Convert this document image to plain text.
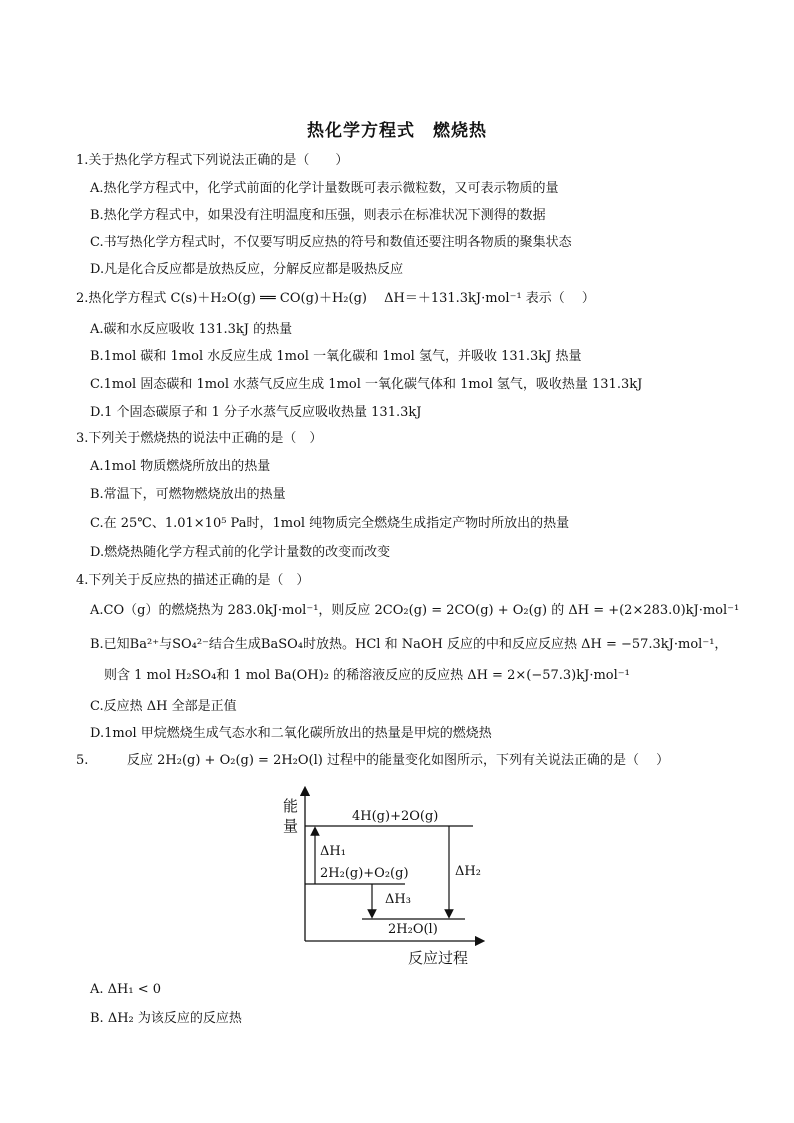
热化学方程式　燃烧热
1.关于热化学方程式下列说法正确的是（　　）
A.热化学方程式中，化学式前面的化学计量数既可表示微粒数，又可表示物质的量
B.热化学方程式中，如果没有注明温度和压强，则表示在标准状况下测得的数据
C.书写热化学方程式时，不仅要写明反应热的符号和数值还要注明各物质的聚集状态
D.凡是化合反应都是放热反应，分解反应都是吸热反应
2.热化学方程式 C(s)＋H₂O(g) ══ CO(g)＋H₂(g)　 ΔH＝＋131.3kJ·mol⁻¹ 表示（　 ）
A.碳和水反应吸收 131.3kJ 的热量
B.1mol 碳和 1mol 水反应生成 1mol 一氧化碳和 1mol 氢气，并吸收 131.3kJ 热量
C.1mol 固态碳和 1mol 水蒸气反应生成 1mol 一氧化碳气体和 1mol 氢气，吸收热量 131.3kJ
D.1 个固态碳原子和 1 分子水蒸气反应吸收热量 131.3kJ
3.下列关于燃烧热的说法中正确的是（　）
A.1mol 物质燃烧所放出的热量
B.常温下，可燃物燃烧放出的热量
C.在 25℃、1.01×10⁵ Pa时，1mol 纯物质完全燃烧生成指定产物时所放出的热量
D.燃烧热随化学方程式前的化学计量数的改变而改变
4.下列关于反应热的描述正确的是（　）
A.CO（g）的燃烧热为 283.0kJ·mol⁻¹，则反应 2CO₂(g) = 2CO(g) + O₂(g) 的 ΔH = +(2×283.0)kJ·mol⁻¹
B.已知Ba²⁺与SO₄²⁻结合生成BaSO₄时放热。HCl 和 NaOH 反应的中和反应反应热 ΔH = −57.3kJ·mol⁻¹，
则含 1 mol H₂SO₄和 1 mol Ba(OH)₂ 的稀溶液反应的反应热 ΔH = 2×(−57.3)kJ·mol⁻¹
C.反应热 ΔH 全部是正值
D.1mol 甲烷燃烧生成气态水和二氧化碳所放出的热量是甲烷的燃烧热
5.	反应 2H₂(g) + O₂(g) = 2H₂O(l) 过程中的能量变化如图所示，下列有关说法正确的是（　 ）
能
量
反应过程
4H(g)+2O(g)
2H₂(g)+O₂(g)
2H₂O(l)
ΔH₁
ΔH₂
ΔH₃
A. ΔH₁ < 0
B. ΔH₂ 为该反应的反应热
